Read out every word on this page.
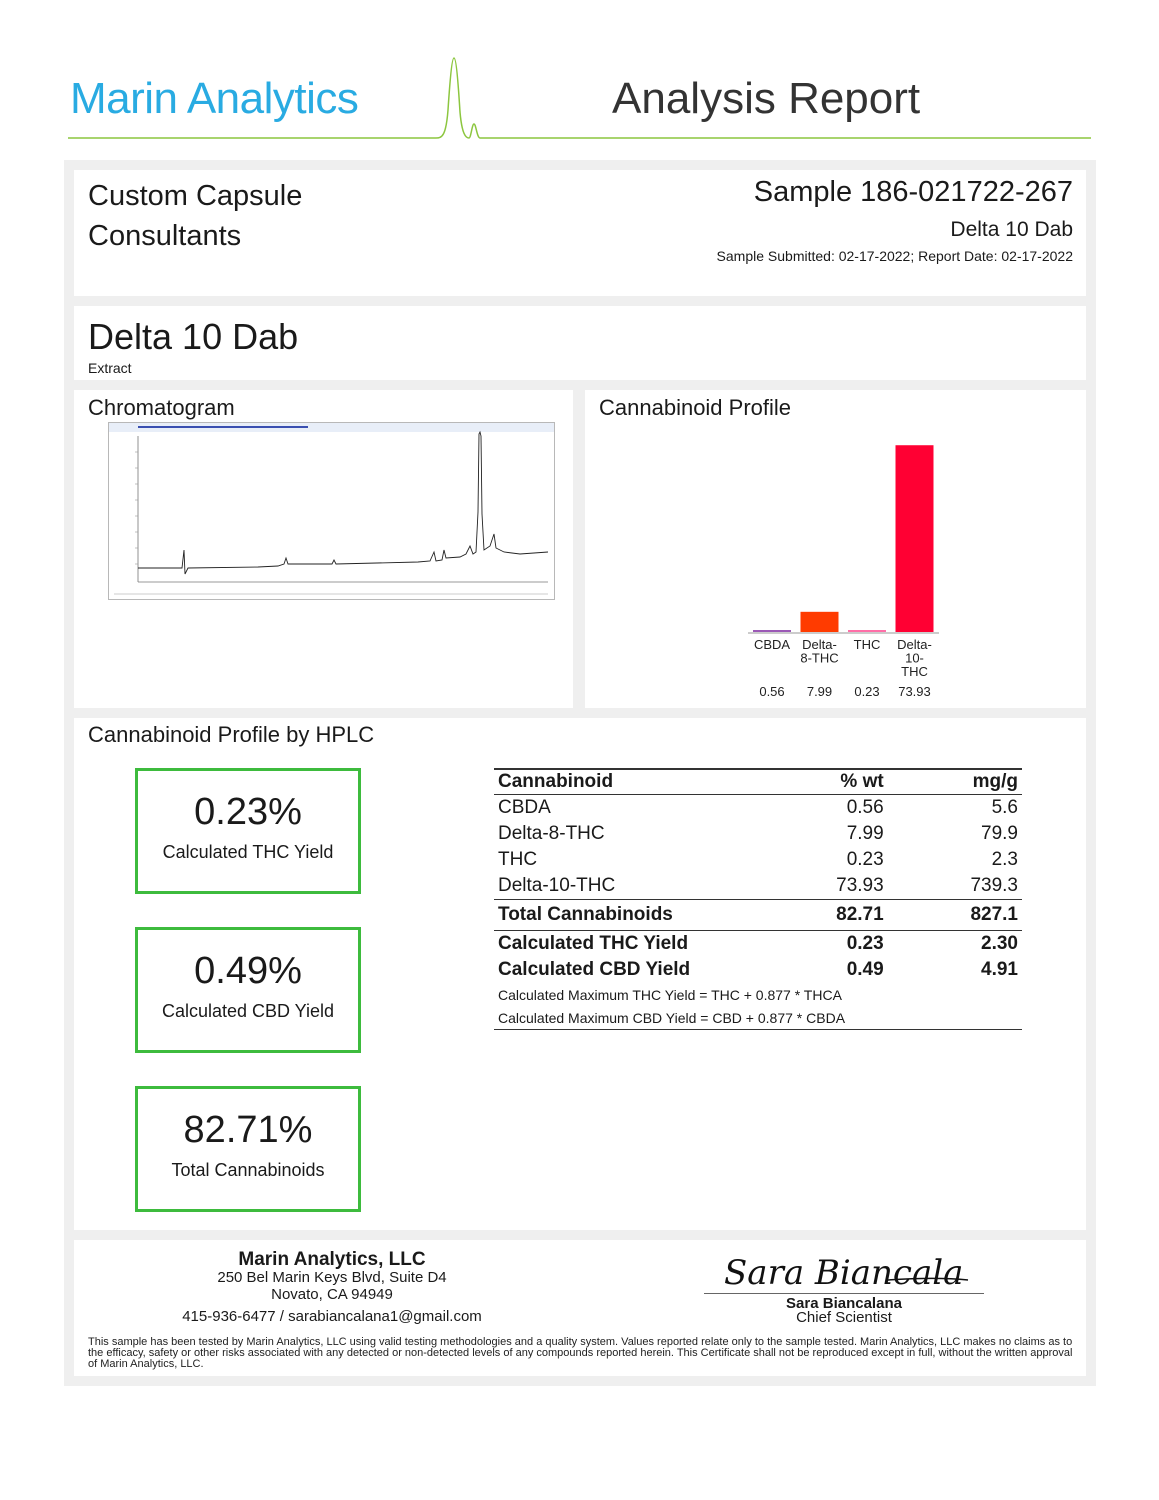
Marin Analytics	Analysis Report
Custom Capsule
Consultants
Sample 186-021722-267
Delta 10 Dab
Sample Submitted: 02-17-2022; Report Date: 02-17-2022
Delta 10 Dab
Extract
Chromatogram	Cannabinoid Profile
CBDA Delta-8-THC
THC Delta-10-THC
0.56 7.99 0.23 73.93
Cannabinoid Profile by HPLC
0.23%
Calculated THC Yield
0.49%
Calculated CBD Yield
82.71%
Total Cannabinoids
Cannabinoid	% wt	mg/g
CBDA	0.56	5.6
Delta-8-THC	7.99	79.9
THC	0.23	2.3
Delta-10-THC	73.93	739.3
Total Cannabinoids	82.71	827.1
Calculated THC Yield	0.23	2.30
Calculated CBD Yield	0.49	4.91
Calculated Maximum THC Yield = THC + 0.877 * THCA		
Calculated Maximum CBD Yield = CBD + 0.877 * CBDA		
Marin Analytics, LLC
250 Bel Marin Keys Blvd, Suite D4
Novato, CA 94949
415-936-6477 / sarabiancalana1@gmail.com
Sara Biancala
Sara Biancalana
Chief Scientist
This sample has been tested by Marin Analytics, LLC using valid testing methodologies and a quality system. Values reported relate only to the sample tested. Marin Analytics, LLC makes no claims as to the efficacy, safety or other risks associated with any detected or non-detected levels of any compounds reported herein. This Certificate shall not be reproduced except in full, without the written approval of Marin Analytics, LLC.
